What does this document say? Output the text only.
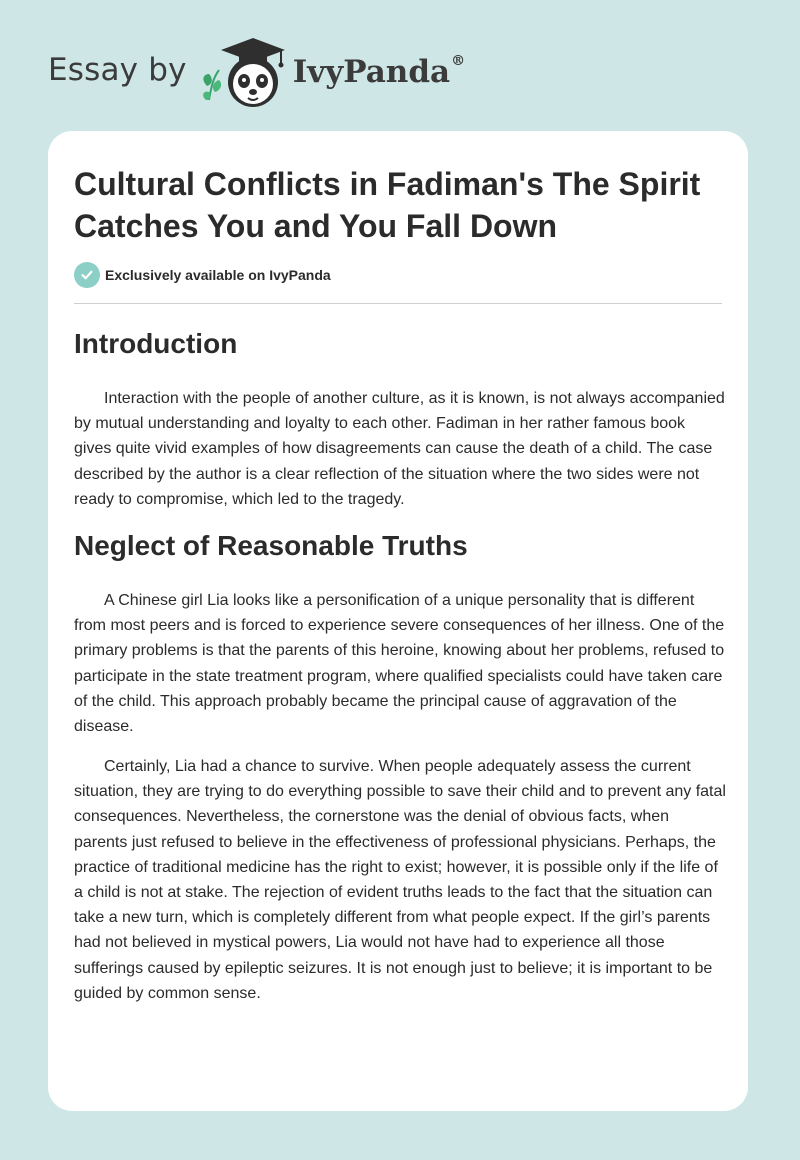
Essay by	IvyPanda®
Cultural Conflicts in Fadiman's The Spirit Catches You and You Fall Down
Exclusively available on IvyPanda
Introduction

Interaction with the people of another culture, as it is known, is not always accompanied by mutual understanding and loyalty to each other. Fadiman in her rather famous book gives quite vivid examples of how disagreements can cause the death of a child. The case described by the author is a clear reflection of the situation where the two sides were not ready to compromise, which led to the tragedy.

Neglect of Reasonable Truths

A Chinese girl Lia looks like a personification of a unique personality that is different from most peers and is forced to experience severe consequences of her illness. One of the primary problems is that the parents of this heroine, knowing about her problems, refused to participate in the state treatment program, where qualified specialists could have taken care of the child. This approach probably became the principal cause of aggravation of the disease.

Certainly, Lia had a chance to survive. When people adequately assess the current situation, they are trying to do everything possible to save their child and to prevent any fatal consequences. Nevertheless, the cornerstone was the denial of obvious facts, when parents just refused to believe in the effectiveness of professional physicians. Perhaps, the practice of traditional medicine has the right to exist; however, it is possible only if the life of a child is not at stake. The rejection of evident truths leads to the fact that the situation can take a new turn, which is completely different from what people expect. If the girl’s parents had not believed in mystical powers, Lia would not have had to experience all those sufferings caused by epileptic seizures. It is not enough just to believe; it is important to be guided by common sense.
